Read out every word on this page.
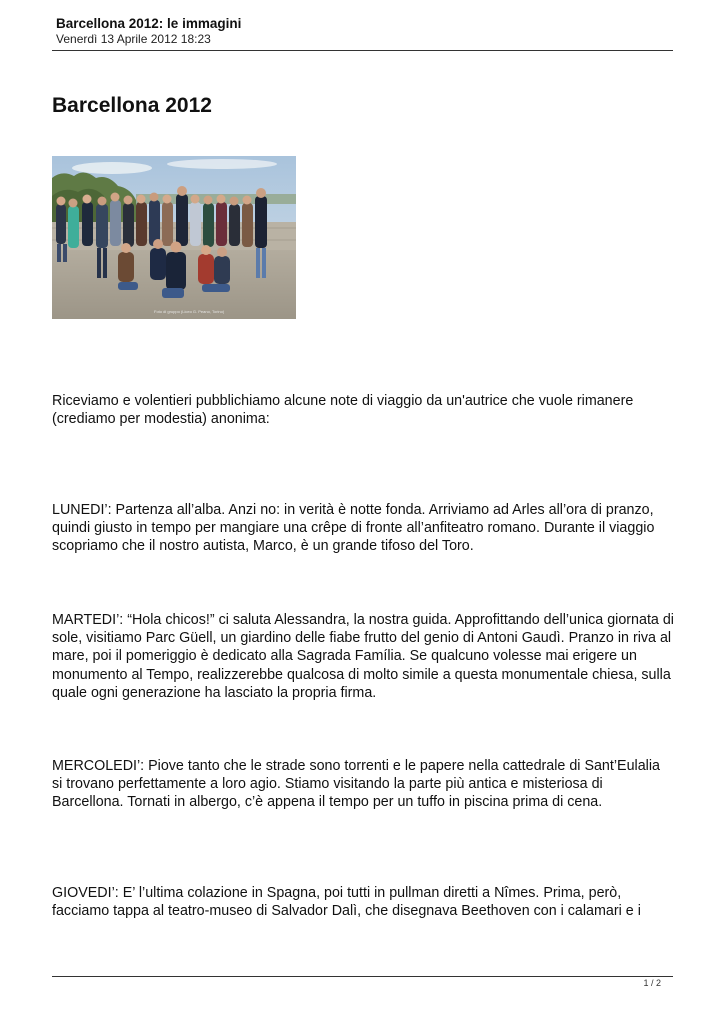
Barcellona 2012: le immagini
Venerdì 13 Aprile 2012 18:23
Barcellona 2012
Foto di gruppo (Liceo G. Peano, Torino)

Riceviamo e volentieri pubblichiamo alcune note di viaggio da un'autrice che vuole rimanere (crediamo per modestia) anonima:

LUNEDI’: Partenza all’alba. Anzi no: in verità è notte fonda. Arriviamo ad Arles all’ora di pranzo, quindi giusto in tempo per mangiare una crêpe di fronte all’anfiteatro romano. Durante il viaggio scopriamo che il nostro autista, Marco, è un grande tifoso del Toro.

MARTEDI’: “Hola chicos!” ci saluta Alessandra, la nostra guida. Approfittando dell’unica giornata di sole, visitiamo Parc Güell, un giardino delle fiabe frutto del genio di Antoni Gaudì. Pranzo in riva al mare, poi il pomeriggio è dedicato alla Sagrada Família. Se qualcuno volesse mai erigere un monumento al Tempo, realizzerebbe qualcosa di molto simile a questa monumentale chiesa, sulla quale ogni generazione ha lasciato la propria firma.

MERCOLEDI’: Piove tanto che le strade sono torrenti e le papere nella cattedrale di Sant’Eulalia si trovano perfettamente a loro agio. Stiamo visitando la parte più antica e misteriosa di Barcellona. Tornati in albergo, c’è appena il tempo per un tuffo in piscina prima di cena.

GIOVEDI’: E’ l’ultima colazione in Spagna, poi tutti in pullman diretti a Nîmes. Prima, però, facciamo tappa al teatro-museo di Salvador Dalì, che disegnava Beethoven con i calamari e i

1 / 2
